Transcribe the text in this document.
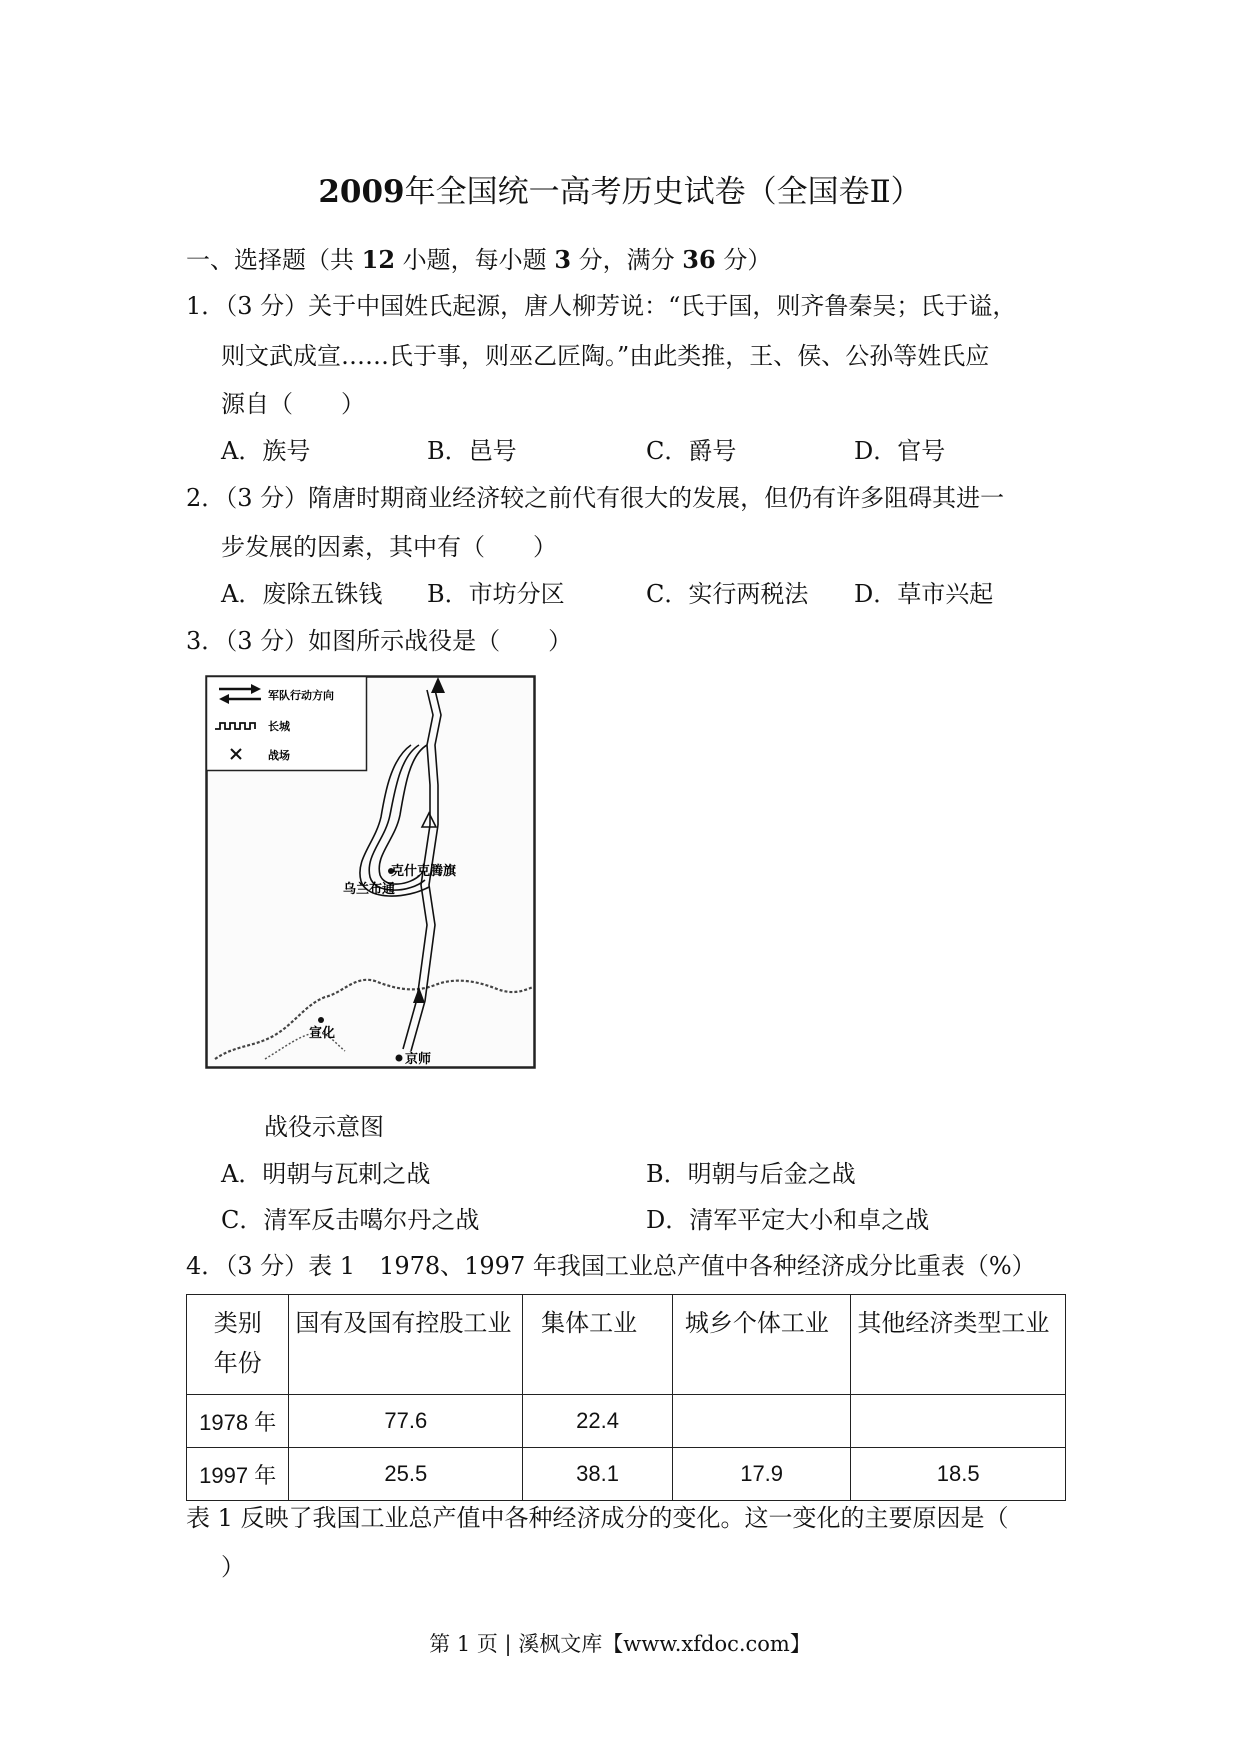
2009年全国统一高考历史试卷（全国卷Ⅱ）
一、选择题（共 12 小题，每小题 3 分，满分 36 分）
1．（3 分）关于中国姓氏起源，唐人柳芳说：“氏于国，则齐鲁秦吴；氏于谥，
则文武成宣……氏于事，则巫乙匠陶。”由此类推，王、侯、公孙等姓氏应
源自（　　）
A．族号	B．邑号	C．爵号	D．官号
2．（3 分）隋唐时期商业经济较之前代有很大的发展，但仍有许多阻碍其进一
步发展的因素，其中有（　　）
A．废除五铢钱 B．市坊分区	C．实行两税法 D．草市兴起
3．（3 分）如图所示战役是（　　）
军队行动方向
长城
战场
乌兰布通
克什克腾旗
宣化
京师
战役示意图
A．明朝与瓦剌之战	B．明朝与后金之战
C．清军反击噶尔丹之战	D．清军平定大小和卓之战
4．（3 分）表 1　1978、1997 年我国工业总产值中各种经济成分比重表（%）
类别
年份	国有及国有控股工业	集体工业	城乡个体工业	其他经济类型工业
1978 年	77.6	22.4		
1997 年	25.5	38.1	17.9	18.5
表 1 反映了我国工业总产值中各种经济成分的变化。这一变化的主要原因是（
）
第 1 页 | 溪枫文库【www.xfdoc.com】
